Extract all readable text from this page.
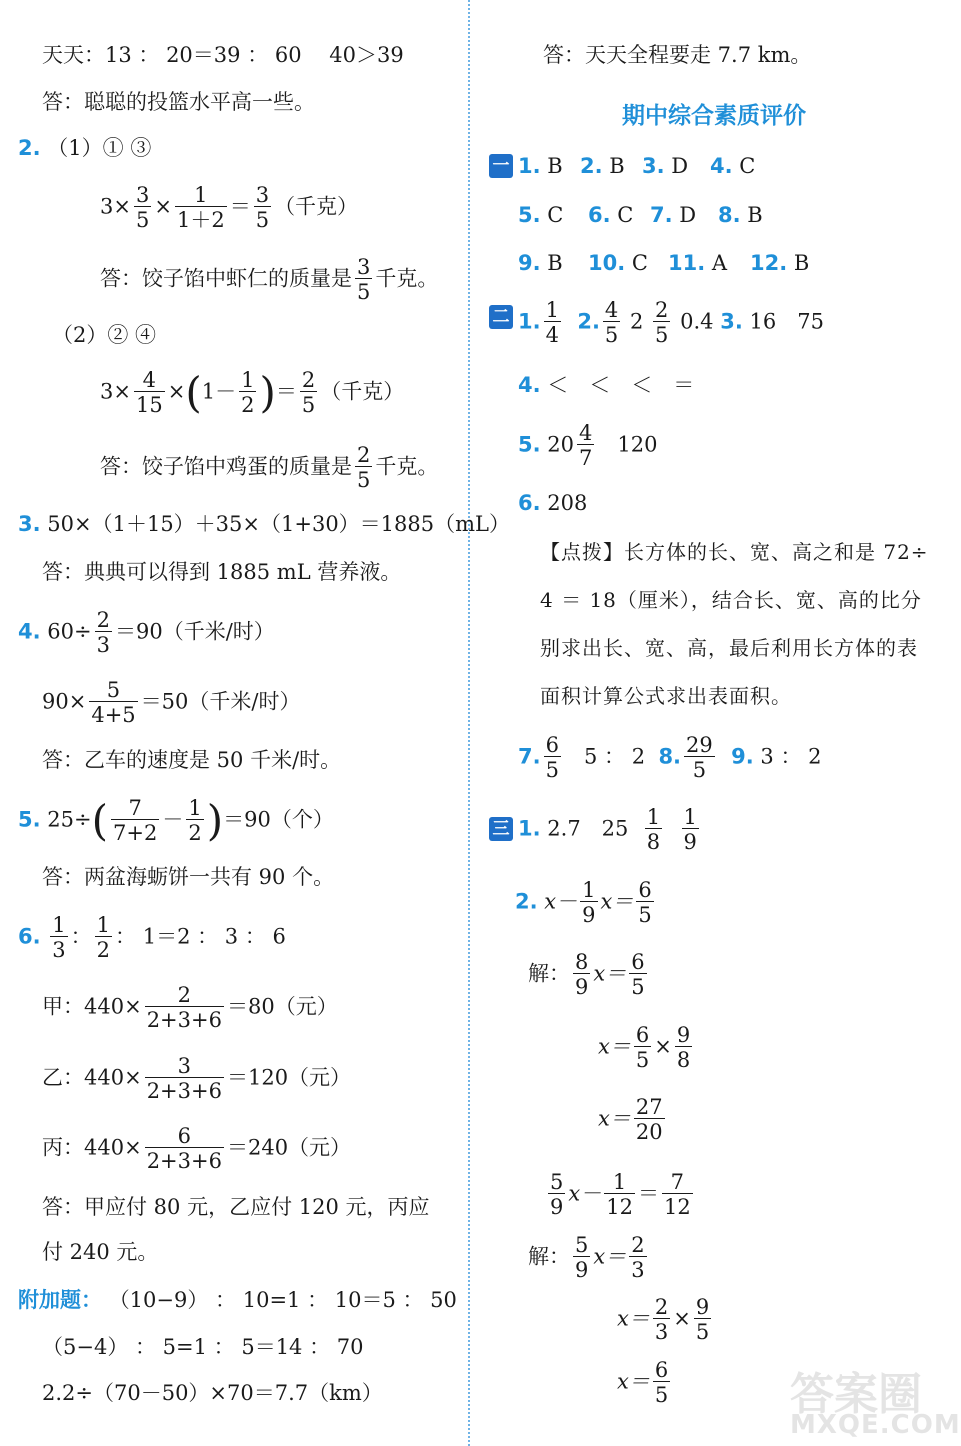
天天：13 ： 20＝39 ： 60　 40＞39
答：聪聪的投篮水平高一些。
2. （1）① ③
$3\times \frac{3}{5} \times \frac{1}{1+2} = \frac{3}{5}$ （千克）
答：饺子馅中虾仁的质量是 $\frac{3}{5}$ 千克。
（2）② ④
$3\times \frac{4}{15} \times(1- \frac{1}{2}$ )＝ $\frac{2}{5}$ （千克）
答：饺子馅中鸡蛋的质量是 $\frac{2}{5}$ 千克。
3. 50×（1＋15）＋35×（1+30）＝1885（mL）
答：典典可以得到 1885 mL 营养液。
4. $60\div \frac{2}{3} =90$（千米/时）
$90\times \frac{5}{4+5} =50$（千米/时）
答：乙车的速度是 50 千米/时。
5. $25\div( \frac{7}{7+2} - \frac{1}{2} )=90$（个）
答：两盆海蛎饼一共有 90 个。
6. $\frac{1}{3}$ ： $\frac{1}{2}$ ： 1＝2 ： 3 ： 6
甲：$440\times \frac{2}{2+3+6} =80$（元）
乙：$440\times \frac{3}{2+3+6} =120$（元）
丙：$440\times \frac{6}{2+3+6} =240$（元）
答：甲应付 80 元，乙应付 120 元，丙应
付 240 元。
附加题： （10−9） ： 10=1 ： 10＝5 ： 50
（5−4） ： 5=1 ： 5＝14 ： 70
2.2÷（70－50）×70＝7.7（km）
答：天天全程要走 7.7 km。
期中综合素质评价
一 1. B 2. B 3. D 4. C
5. C 6. C 7. D 8. B
9. B 10. C 11. A 12. B
二 1. $\frac{1}{4} 2$. $\frac{4}{5} 2 \frac{2}{5} 0.4$ 3. 16　75
4. ＜　＜　＜　＝
5. $20 \frac{4}{7} 120$
6. 208
【点拨】长方体的长、宽、高之和是 72÷
4 ＝ 18（厘米），结合长、宽、高的比分
别求出长、宽、高，最后利用长方体的表
面积计算公式求出表面积。
7. $\frac{6}{5} 5$ ： 2 8. $\frac{29}{5} 9$. 3 ： 2
三 1. 2.7　$25 \frac{1}{8}$
$\frac{1}{9}$
2. $x- \frac{1}{9} x= \frac{6}{5}$
解： $\frac{8}{9} x= \frac{6}{5}$
$x= \frac{6}{5} \times \frac{9}{8}$
$x= \frac{27}{20}$
$\frac{5}{9} x- \frac{1}{12} = \frac{7}{12}$
解： $\frac{5}{9} x= \frac{2}{3}$
$x= \frac{2}{3} \times \frac{9}{5}$
$x= \frac{6}{5}$	答案圈
MXQE.COM
